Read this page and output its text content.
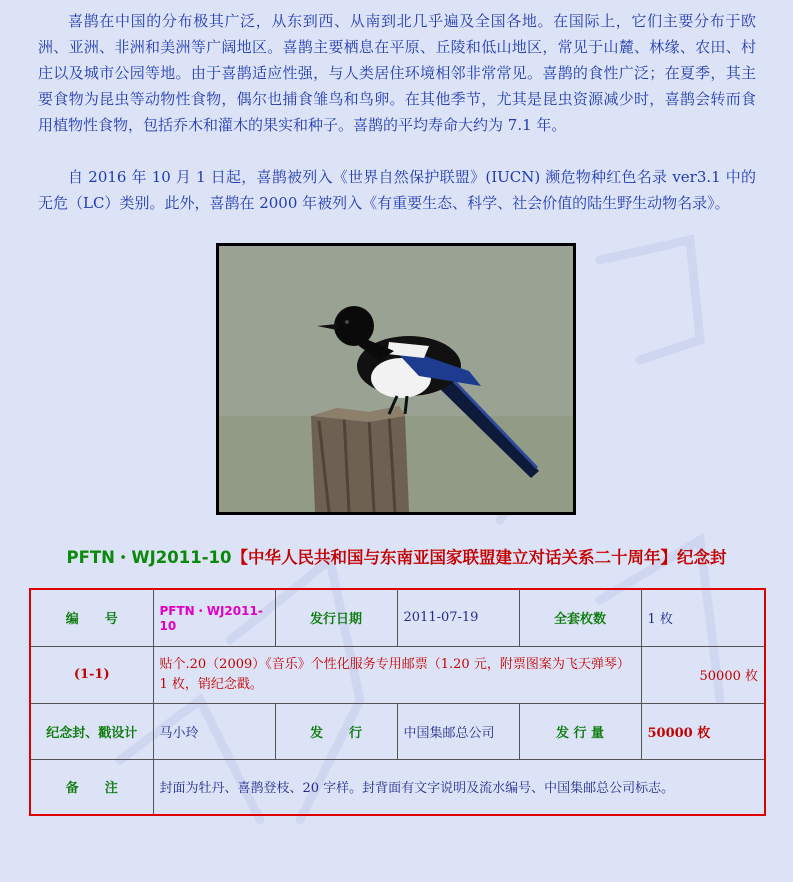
喜鹊在中国的分布极其广泛，从东到西、从南到北几乎遍及全国各地。在国际上，它们主要分布于欧洲、亚洲、非洲和美洲等广阔地区。喜鹊主要栖息在平原、丘陵和低山地区，常见于山麓、林缘、农田、村庄以及城市公园等地。由于喜鹊适应性强，与人类居住环境相邻非常常见。喜鹊的食性广泛；在夏季，其主要食物为昆虫等动物性食物，偶尔也捕食雏鸟和鸟卵。在其他季节，尤其是昆虫资源减少时，喜鹊会转而食用植物性食物，包括乔木和灌木的果实和种子。喜鹊的平均寿命大约为 7.1 年。

自 2016 年 10 月 1 日起，喜鹊被列入《世界自然保护联盟》(IUCN) 濒危物种红色名录 ver3.1 中的无危（LC）类别。此外，喜鹊在 2000 年被列入《有重要生态、科学、社会价值的陆生野生动物名录》。

PFTN・WJ2011-10【中华人民共和国与东南亚国家联盟建立对话关系二十周年】纪念封
编　　号	PFTN・WJ2011-10	发行日期	2011-07-19	全套枚数	1 枚
(1-1)	贴个.20（2009）《音乐》个性化服务专用邮票（1.20 元，附票图案为飞天弹琴）1 枚，销纪念戳。				50000 枚
纪念封、戳设计	马小玲	发　　行	中国集邮总公司	发 行 量	50000 枚
备　　注	封面为牡丹、喜鹊登枝、20 字样。封背面有文字说明及流水编号、中国集邮总公司标志。				
